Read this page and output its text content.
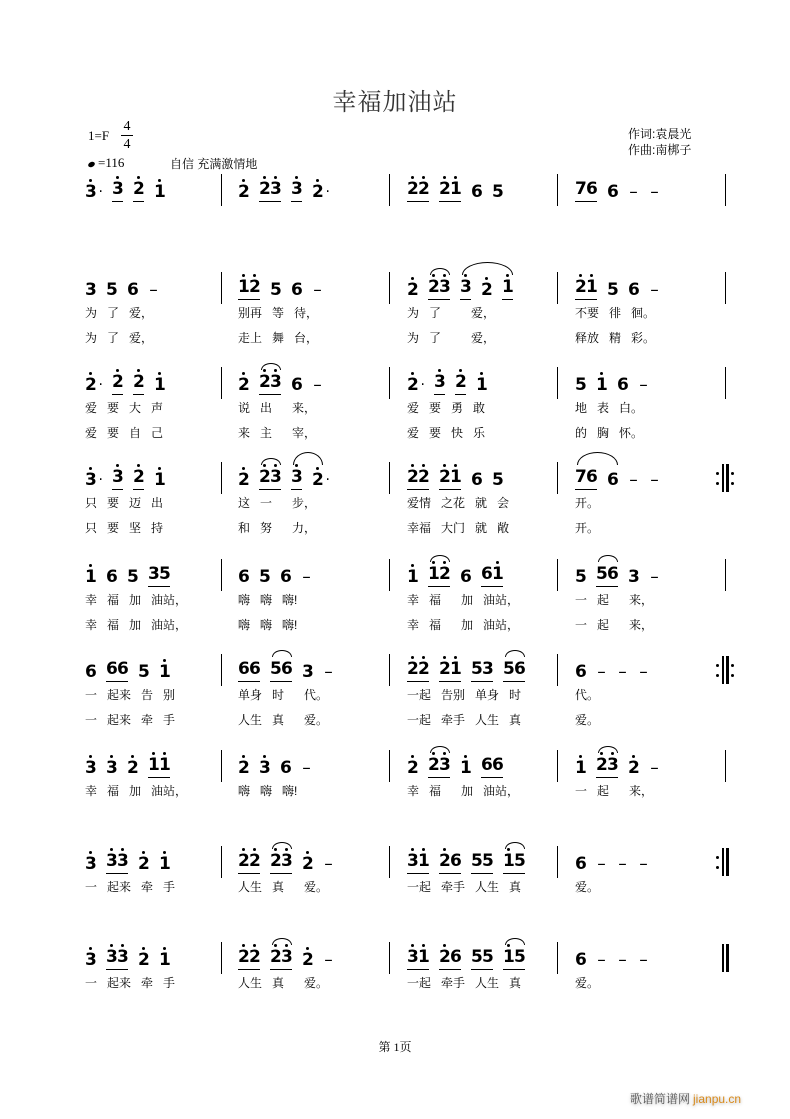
幸福加油站
1=F
4
4
=116	自信 充满激情地
作词:袁晨光
作曲:南梆子
3 · 3 2 1	2 2 3 3 2 ·	2 2 2 1 6 5	7 6 6 – –
3 5 6 –	1 2 5 6 –	2 2 3 3 2 1	2 1 5 6 –
为   了   爱，	别再   等   待，	为   了         爱，	不要   徘   徊。
为   了   爱，	走上   舞   台，	为   了         爱，	释放   精   彩。
2 · 2 2 1	2 2 3 6 –	2 · 3 2 1	5 1 6 –
爱   要   大   声	说   出      来，	爱   要   勇   敢	地   表   白。
爱   要   自   己	来   主      宰，	爱   要   快   乐	的   胸   怀。
3 · 3 2 1	2 2 3 3 2 ·	2 2 2 1 6 5	7 6 6 – –
只   要   迈   出	这   一      步，	爱情   之花   就   会	开。
只   要   坚   持	和   努      力，	幸福   大门   就   敞	开。
1 6 5 3 5	6 5 6 –	1 1 2 6 6 1	5 5 6 3 –
幸   福   加   油站，	嗨   嗨   嗨!	幸   福      加   油站，	一   起      来，
幸   福   加   油站，	嗨   嗨   嗨!	幸   福      加   油站，	一   起      来，
6 6 6 5 1	6 6 5 6 3 –	2 2 2 1 5 3 5 6	6 – – –
一   起来   告   别	单身   时      代。	一起   告别   单身   时	代。
一   起来   牵   手	人生   真      爱。	一起   牵手   人生   真	爱。
3 3 2 1 1	2 3 6 –	2 2 3 1 6 6	1 2 3 2 –
幸   福   加   油站，	嗨   嗨   嗨!	幸   福      加   油站，	一   起      来，
3 3 3 2 1	2 2 2 3 2 –	3 1 2 6 5 5 1 5	6 – – –
一   起来   牵   手	人生   真      爱。	一起   牵手   人生   真	爱。
3 3 3 2 1	2 2 2 3 2 –	3 1 2 6 5 5 1 5	6 – – –
一   起来   牵   手	人生   真      爱。	一起   牵手   人生   真	爱。
第 1页
歌谱简谱网 jianpu.cn
